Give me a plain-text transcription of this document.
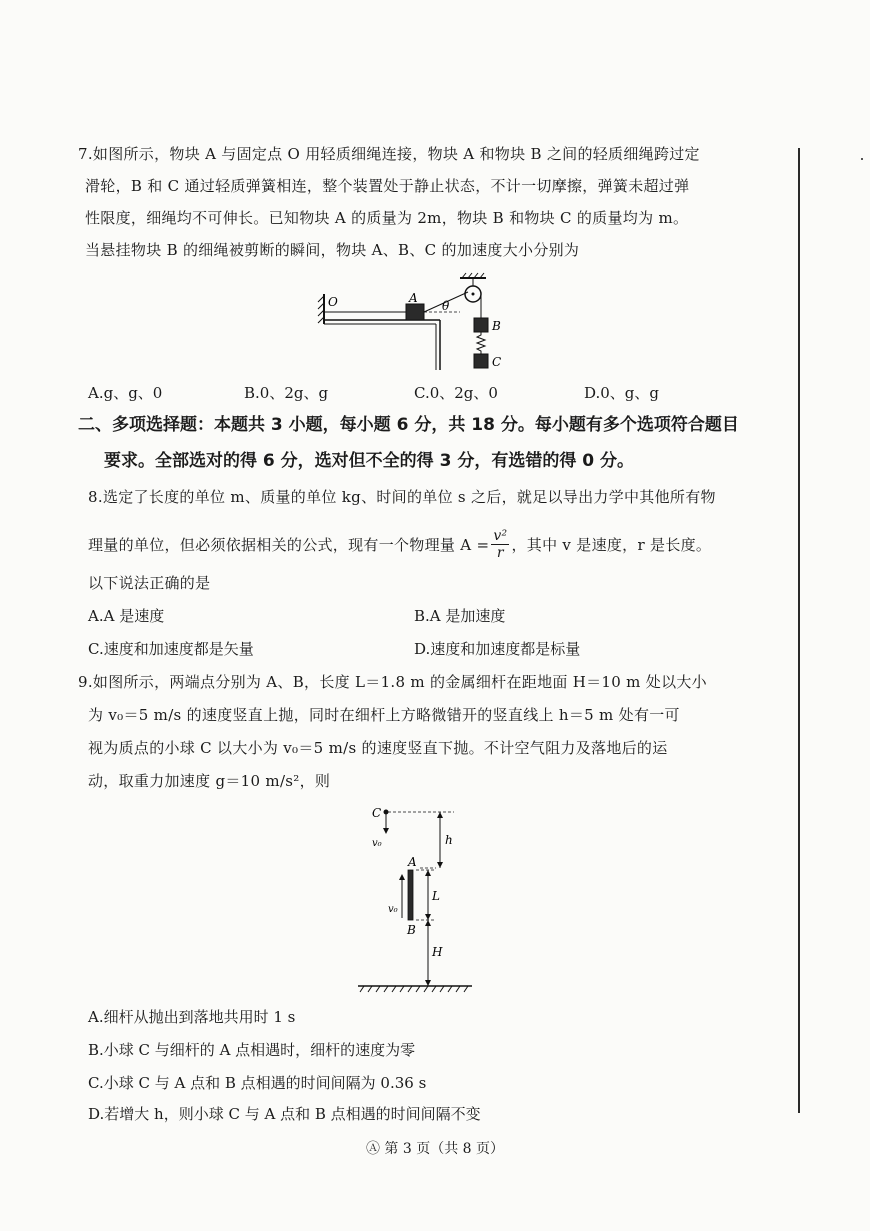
7.如图所示，物块 A 与固定点 O 用轻质细绳连接，物块 A 和物块 B 之间的轻质细绳跨过定
滑轮，B 和 C 通过轻质弹簧相连，整个装置处于静止状态，不计一切摩擦，弹簧未超过弹
性限度，细绳均不可伸长。已知物块 A 的质量为 2m，物块 B 和物块 C 的质量均为 m。
当悬挂物块 B 的细绳被剪断的瞬间，物块 A、B、C 的加速度大小分别为
O	A
θ
B
C
A.g、g、0	B.0、2g、g	C.0、2g、0	D.0、g、g
二、多项选择题：本题共 3 小题，每小题 6 分，共 18 分。每小题有多个选项符合题目
要求。全部选对的得 6 分，选对但不全的得 3 分，有选错的得 0 分。
8.选定了长度的单位 m、质量的单位 kg、时间的单位 s 之后，就足以导出力学中其他所有物
理量的单位，但必须依据相关的公式，现有一个物理量 $A = \frac{\text{v²}}{r}$ ，其中 v 是速度，r 是长度。
以下说法正确的是
A.A 是速度	B.A 是加速度
C.速度和加速度都是矢量	D.速度和加速度都是标量
9.如图所示，两端点分别为 A、B，长度 L＝1.8 m 的金属细杆在距地面 H＝10 m 处以大小
为 v₀＝5 m/s 的速度竖直上抛，同时在细杆上方略微错开的竖直线上 h＝5 m 处有一可
视为质点的小球 C 以大小为 v₀＝5 m/s 的速度竖直下抛。不计空气阻力及落地后的运
动，取重力加速度 g＝10 m/s²，则
C
v₀	h
A
B
v₀
L
H
A.细杆从抛出到落地共用时 1 s
B.小球 C 与细杆的 A 点相遇时，细杆的速度为零
C.小球 C 与 A 点和 B 点相遇的时间间隔为 0.36 s
D.若增大 h，则小球 C 与 A 点和 B 点相遇的时间间隔不变
Ⓐ 第 3 页（共 8 页）
